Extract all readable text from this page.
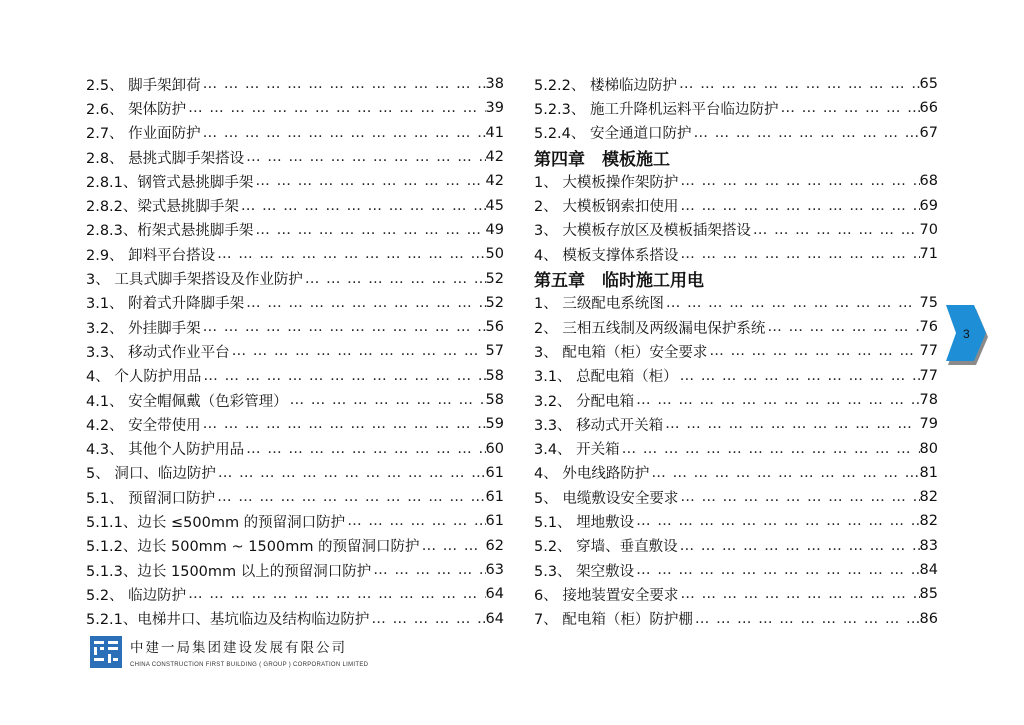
2.5、 脚手架卸荷 … … … … … … … … … … … … … … … … … … … … … … … … … … … … … … … … … … … … … … … … … …	38
2.6、 架体防护 … … … … … … … … … … … … … … … … … … … … … … … … … … … … … … … … … … … … … … … … … …	39
2.7、 作业面防护 … … … … … … … … … … … … … … … … … … … … … … … … … … … … … … … … … … … … … … … … … …	41
2.8、 悬挑式脚手架搭设 … … … … … … … … … … … … … … … … … … … … … … … … … … … … … … … … … … … … … … … … … …	42
2.8.1、钢管式悬挑脚手架 … … … … … … … … … … … … … … … … … … … … … … … … … … … … … … … … … … … … … … … … … …	42
2.8.2、梁式悬挑脚手架 … … … … … … … … … … … … … … … … … … … … … … … … … … … … … … … … … … … … … … … … … …	45
2.8.3、桁架式悬挑脚手架 … … … … … … … … … … … … … … … … … … … … … … … … … … … … … … … … … … … … … … … … … …	49
2.9、 卸料平台搭设 … … … … … … … … … … … … … … … … … … … … … … … … … … … … … … … … … … … … … … … … … …	50
3、 工具式脚手架搭设及作业防护 … … … … … … … … … … … … … … … … … … … … … … … … … … … … … … … … … … … … … … … … … …	52
3.1、 附着式升降脚手架 … … … … … … … … … … … … … … … … … … … … … … … … … … … … … … … … … … … … … … … … … …	52
3.2、 外挂脚手架 … … … … … … … … … … … … … … … … … … … … … … … … … … … … … … … … … … … … … … … … … …	56
3.3、 移动式作业平台 … … … … … … … … … … … … … … … … … … … … … … … … … … … … … … … … … … … … … … … … … …	57
4、 个人防护用品 … … … … … … … … … … … … … … … … … … … … … … … … … … … … … … … … … … … … … … … … … …	58
4.1、 安全帽佩戴（色彩管理） … … … … … … … … … … … … … … … … … … … … … … … … … … … … … … … … … … … … … … … … … …	58
4.2、 安全带使用 … … … … … … … … … … … … … … … … … … … … … … … … … … … … … … … … … … … … … … … … … …	59
4.3、 其他个人防护用品 … … … … … … … … … … … … … … … … … … … … … … … … … … … … … … … … … … … … … … … … … …	60
5、 洞口、临边防护 … … … … … … … … … … … … … … … … … … … … … … … … … … … … … … … … … … … … … … … … … …	61
5.1、 预留洞口防护 … … … … … … … … … … … … … … … … … … … … … … … … … … … … … … … … … … … … … … … … … …	61
5.1.1、边长 ≤500mm 的预留洞口防护 … … … … … … … … … … … … … … … … … … … … … … … … … … … … … … … … … … … … … … … … … …	61
5.1.2、边长 500mm ~ 1500mm 的预留洞口防护 … … … … … … … … … … … … … … … … … … … … … … … … … … … … … … … … … … … … … … … … … …	62
5.1.3、边长 1500mm 以上的预留洞口防护 … … … … … … … … … … … … … … … … … … … … … … … … … … … … … … … … … … … … … … … … … …	63
5.2、 临边防护 … … … … … … … … … … … … … … … … … … … … … … … … … … … … … … … … … … … … … … … … … …	64
5.2.1、电梯井口、基坑临边及结构临边防护 … … … … … … … … … … … … … … … … … … … … … … … … … … … … … … … … … … … … … … … … … …	64
5.2.2、 楼梯临边防护 … … … … … … … … … … … … … … … … … … … … … … … … … … … … … … … … … … … … … … … … … …	65
5.2.3、 施工升降机运料平台临边防护 … … … … … … … … … … … … … … … … … … … … … … … … … … … … … … … … … … … … … … … … … …	66
5.2.4、 安全通道口防护 … … … … … … … … … … … … … … … … … … … … … … … … … … … … … … … … … … … … … … … … … …	67
第四章　模板施工
1、 大模板操作架防护 … … … … … … … … … … … … … … … … … … … … … … … … … … … … … … … … … … … … … … … … … …	68
2、 大模板钢索扣使用 … … … … … … … … … … … … … … … … … … … … … … … … … … … … … … … … … … … … … … … … … …	69
3、 大模板存放区及模板插架搭设 … … … … … … … … … … … … … … … … … … … … … … … … … … … … … … … … … … … … … … … … … …	70
4、 模板支撑体系搭设 … … … … … … … … … … … … … … … … … … … … … … … … … … … … … … … … … … … … … … … … … …	71
第五章　临时施工用电
1、 三级配电系统图 … … … … … … … … … … … … … … … … … … … … … … … … … … … … … … … … … … … … … … … … … …	75
2、 三相五线制及两级漏电保护系统 … … … … … … … … … … … … … … … … … … … … … … … … … … … … … … … … … … … … … … … … … …	76
3、 配电箱（柜）安全要求 … … … … … … … … … … … … … … … … … … … … … … … … … … … … … … … … … … … … … … … … … …	77
3.1、 总配电箱（柜） … … … … … … … … … … … … … … … … … … … … … … … … … … … … … … … … … … … … … … … … … …	77
3.2、 分配电箱 … … … … … … … … … … … … … … … … … … … … … … … … … … … … … … … … … … … … … … … … … …	78
3.3、 移动式开关箱 … … … … … … … … … … … … … … … … … … … … … … … … … … … … … … … … … … … … … … … … … …	79
3.4、 开关箱 … … … … … … … … … … … … … … … … … … … … … … … … … … … … … … … … … … … … … … … … … …	80
4、 外电线路防护 … … … … … … … … … … … … … … … … … … … … … … … … … … … … … … … … … … … … … … … … … …	81
5、 电缆敷设安全要求 … … … … … … … … … … … … … … … … … … … … … … … … … … … … … … … … … … … … … … … … … …	82
5.1、 埋地敷设 … … … … … … … … … … … … … … … … … … … … … … … … … … … … … … … … … … … … … … … … … …	82
5.2、 穿墙、垂直敷设 … … … … … … … … … … … … … … … … … … … … … … … … … … … … … … … … … … … … … … … … … …	83
5.3、 架空敷设 … … … … … … … … … … … … … … … … … … … … … … … … … … … … … … … … … … … … … … … … … …	84
6、 接地装置安全要求 … … … … … … … … … … … … … … … … … … … … … … … … … … … … … … … … … … … … … … … … … …	85
7、 配电箱（柜）防护棚 … … … … … … … … … … … … … … … … … … … … … … … … … … … … … … … … … … … … … … … … … …	86
3
中建一局集团建设发展有限公司
CHINA CONSTRUCTION FIRST BUILDING ( GROUP ) CORPORATION LIMITED
